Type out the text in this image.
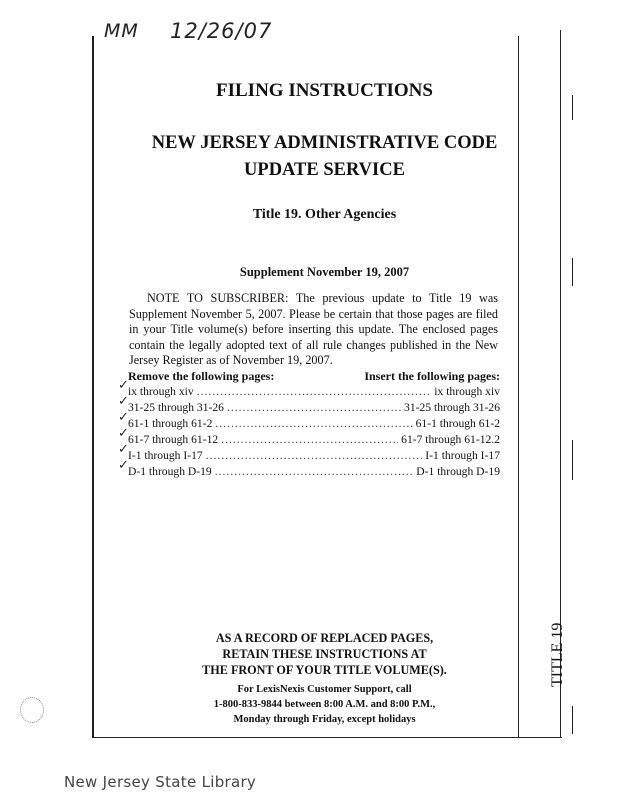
MM 12/26/07
FILING INSTRUCTIONS
NEW JERSEY ADMINISTRATIVE CODE
UPDATE SERVICE
Title 19. Other Agencies
Supplement November 19, 2007
NOTE TO SUBSCRIBER: The previous update to Title 19 was Supplement November 5, 2007. Please be certain that those pages are filed in your Title volume(s) before inserting this update. The enclosed pages contain the legally adopted text of all rule changes published in the New Jersey Register as of November 19, 2007.
Remove the following pages:	Insert the following pages:
ix through xiv .....	ix through xiv
31-25 through 31-26 .....	31-25 through 31-26
61-1 through 61-2 .....	61-1 through 61-2
61-7 through 61-12 .....	61-7 through 61-12.2
I-1 through I-17 .....	I-1 through I-17
D-1 through D-19 .....	D-1 through D-19
✓
✓
✓
✓
✓
✓
AS A RECORD OF REPLACED PAGES,
RETAIN THESE INSTRUCTIONS AT
THE FRONT OF YOUR TITLE VOLUME(S).
For LexisNexis Customer Support, call
1-800-833-9844 between 8:00 A.M. and 8:00 P.M.,
Monday through Friday, except holidays
TITLE 19
New Jersey State Library
